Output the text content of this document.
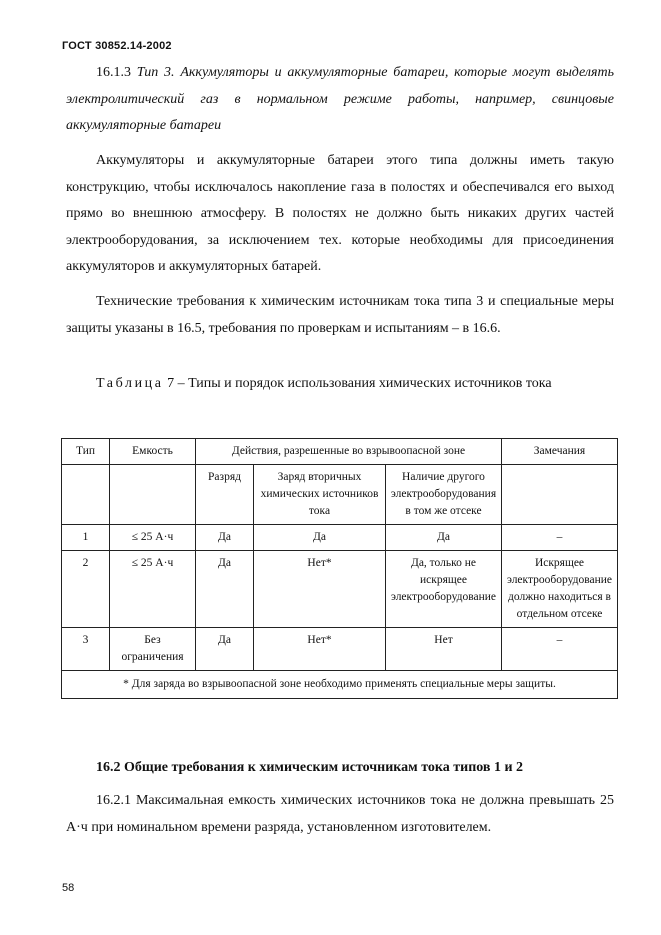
ГОСТ 30852.14-2002
16.1.3 Тип 3. Аккумуляторы и аккумуляторные батареи, которые могут выделять электролитический газ в нормальном режиме работы, например, свинцовые аккумуляторные батареи
Аккумуляторы и аккумуляторные батареи этого типа должны иметь такую конструкцию, чтобы исключалось накопление газа в полостях и обеспечивался его выход прямо во внешнюю атмосферу. В полостях не должно быть никаких других частей электрооборудования, за исключением тех. которые необходимы для присоединения аккумуляторов и аккумуляторных батарей.
Технические требования к химическим источникам тока типа 3 и специальные меры защиты указаны в 16.5, требования по проверкам и испытаниям – в 16.6.
Таблица 7 – Типы и порядок использования химических источников тока
Тип	Емкость	Действия, разрешенные во взрывоопасной зоне			Замечания
		Разряд	Заряд вторичных химических источников тока	Наличие другого электрооборудования в том же отсеке	
1	≤ 25 А·ч	Да	Да	Да	–
2	≤ 25 А·ч	Да	Нет*	Да, только не искрящее электрооборудование	Искрящее электрооборудование должно находиться в отдельном отсеке
3	Без ограничения	Да	Нет*	Нет	–
* Для заряда во взрывоопасной зоне необходимо применять специальные меры защиты.					
16.2 Общие требования к химическим источникам тока типов 1 и 2
16.2.1 Максимальная емкость химических источников тока не должна превышать 25 А·ч при номинальном времени разряда, установленном изготовителем.
58
